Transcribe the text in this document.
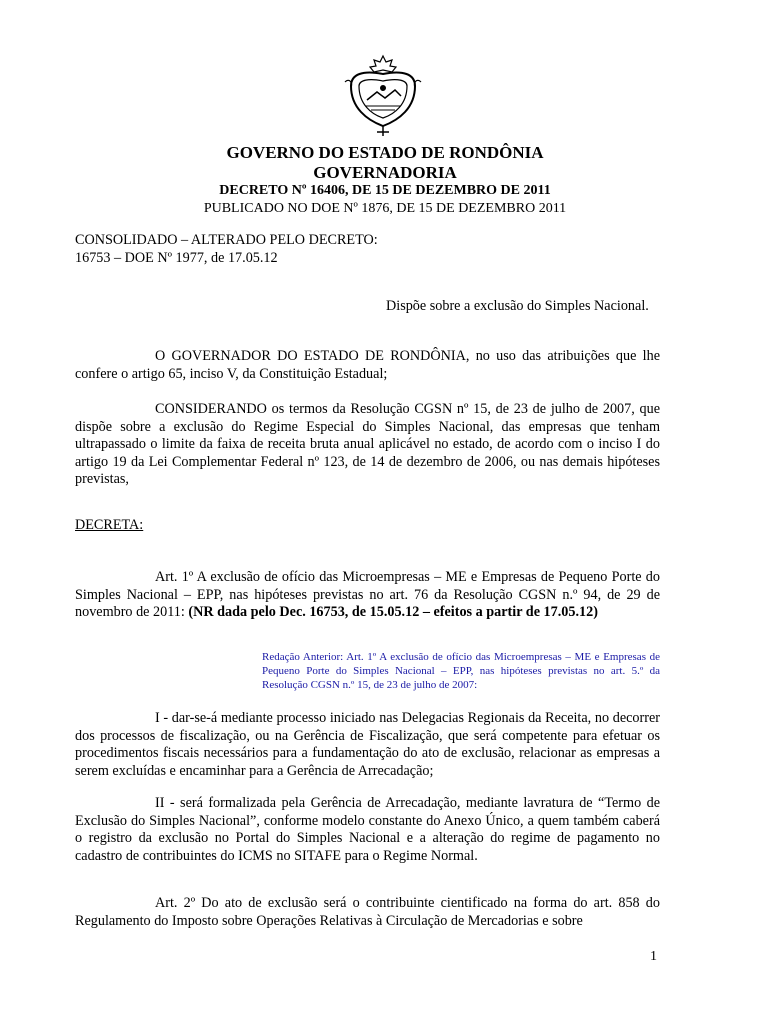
GOVERNO DO ESTADO DE RONDÔNIA
GOVERNADORIA
DECRETO Nº 16406, DE 15 DE DEZEMBRO DE 2011
PUBLICADO NO DOE Nº 1876, DE 15 DE DEZEMBRO 2011
CONSOLIDADO – ALTERADO PELO DECRETO:
16753 – DOE Nº 1977, de 17.05.12
Dispõe sobre a exclusão do Simples Nacional.
O GOVERNADOR DO ESTADO DE RONDÔNIA, no uso das atribuições que lhe confere o artigo 65, inciso V, da Constituição Estadual;
CONSIDERANDO os termos da Resolução CGSN nº 15, de 23 de julho de 2007, que dispõe sobre a exclusão do Regime Especial do Simples Nacional, das empresas que tenham ultrapassado o limite da faixa de receita bruta anual aplicável no estado, de acordo com o inciso I do artigo 19 da Lei Complementar Federal nº 123, de 14 de dezembro de 2006, ou nas demais hipóteses previstas,
DECRETA:
Art. 1º A exclusão de ofício das Microempresas – ME e Empresas de Pequeno Porte do Simples Nacional – EPP, nas hipóteses previstas no art. 76 da Resolução CGSN n.º 94, de 29 de novembro de 2011: (NR dada pelo Dec. 16753, de 15.05.12 – efeitos a partir de 17.05.12)
Redação Anterior: Art. 1º A exclusão de ofício das Microempresas – ME e Empresas de Pequeno Porte do Simples Nacional – EPP, nas hipóteses previstas no art. 5.º da Resolução CGSN n.º 15, de 23 de julho de 2007:
I - dar-se-á mediante processo iniciado nas Delegacias Regionais da Receita, no decorrer dos processos de fiscalização, ou na Gerência de Fiscalização, que será competente para efetuar os procedimentos fiscais necessários para a fundamentação do ato de exclusão, relacionar as empresas a serem excluídas e encaminhar para a Gerência de Arrecadação;
II - será formalizada pela Gerência de Arrecadação, mediante lavratura de “Termo de Exclusão do Simples Nacional”, conforme modelo constante do Anexo Único, a quem também caberá o registro da exclusão no Portal do Simples Nacional e a alteração do regime de pagamento no cadastro de contribuintes do ICMS no SITAFE para o Regime Normal.
Art. 2º Do ato de exclusão será o contribuinte cientificado na forma do art. 858 do Regulamento do Imposto sobre Operações Relativas à Circulação de Mercadorias e sobre
1
